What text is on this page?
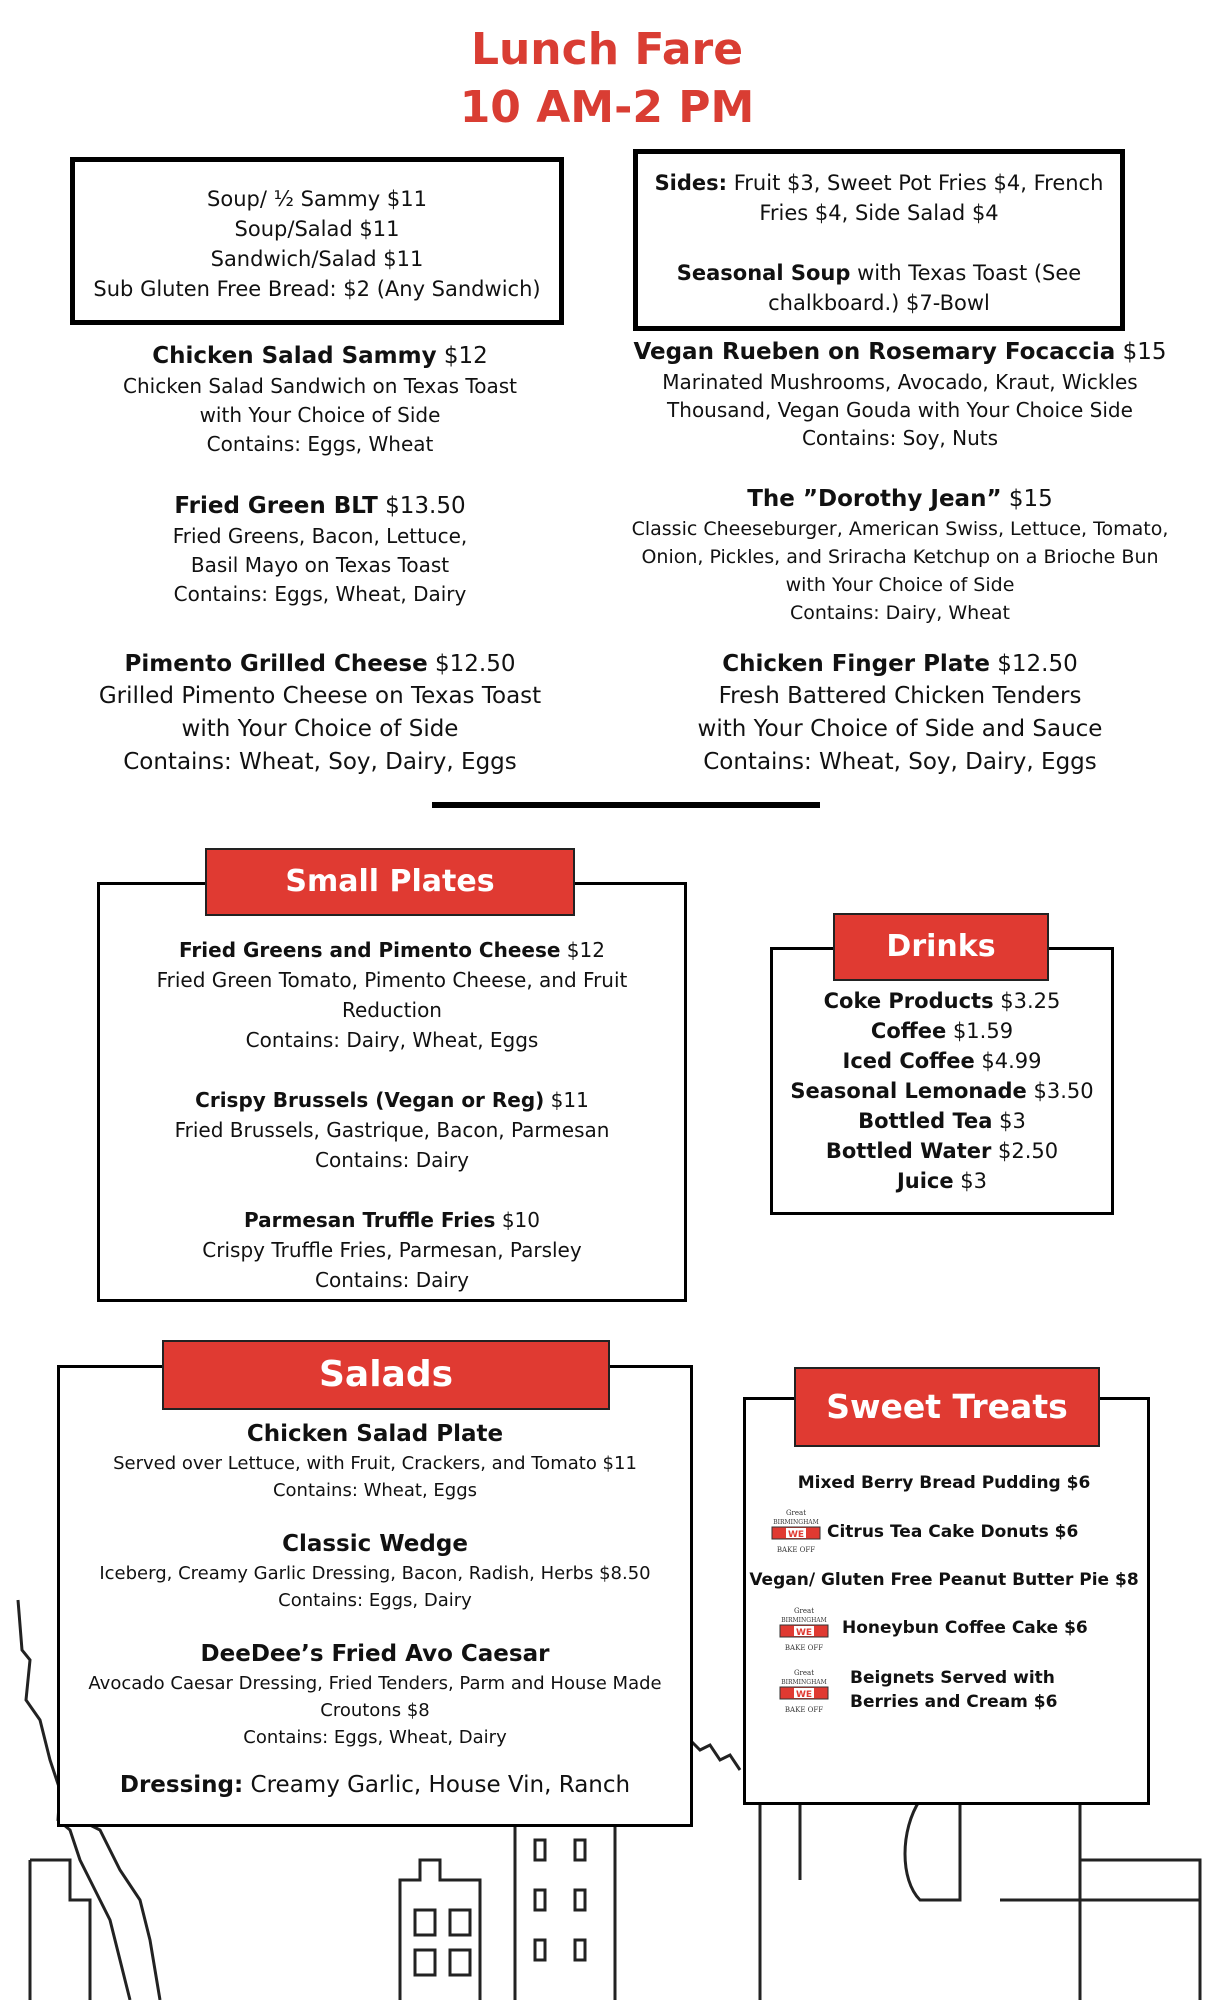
Lunch Fare
10 AM-2 PM
Soup/ ½ Sammy $11
Soup/Salad $11
Sandwich/Salad $11
Sub Gluten Free Bread: $2 (Any Sandwich)
Sides: Fruit $3, Sweet Pot Fries $4, French Fries $4, Side Salad $4
Seasonal Soup with Texas Toast (See chalkboard.) $7-Bowl
Chicken Salad Sammy $12
Chicken Salad Sandwich on Texas Toast
with Your Choice of Side
Contains: Eggs, Wheat
Vegan Rueben on Rosemary Focaccia $15
Marinated Mushrooms, Avocado, Kraut, Wickles
Thousand, Vegan Gouda with Your Choice Side
Contains: Soy, Nuts
Fried Green BLT $13.50
Fried Greens, Bacon, Lettuce,
Basil Mayo on Texas Toast
Contains: Eggs, Wheat, Dairy
The ”Dorothy Jean” $15
Classic Cheeseburger, American Swiss, Lettuce, Tomato,
Onion, Pickles, and Sriracha Ketchup on a Brioche Bun
with Your Choice of Side
Contains: Dairy, Wheat
Pimento Grilled Cheese $12.50
Grilled Pimento Cheese on Texas Toast
with Your Choice of Side
Contains: Wheat, Soy, Dairy, Eggs
Chicken Finger Plate $12.50
Fresh Battered Chicken Tenders
with Your Choice of Side and Sauce
Contains: Wheat, Soy, Dairy, Eggs
Fried Greens and Pimento Cheese $12
Fried Green Tomato, Pimento Cheese, and Fruit
Reduction
Contains: Dairy, Wheat, Eggs
Crispy Brussels (Vegan or Reg) $11
Fried Brussels, Gastrique, Bacon, Parmesan
Contains: Dairy
Parmesan Truffle Fries $10
Crispy Truffle Fries, Parmesan, Parsley
Contains: Dairy
Small Plates
Coke Products $3.25
Coffee $1.59
Iced Coffee $4.99
Seasonal Lemonade $3.50
Bottled Tea $3
Bottled Water $2.50
Juice $3
Drinks
Chicken Salad Plate
Served over Lettuce, with Fruit, Crackers, and Tomato $11
Contains: Wheat, Eggs
Classic Wedge
Iceberg, Creamy Garlic Dressing, Bacon, Radish, Herbs $8.50
Contains: Eggs, Dairy
DeeDee’s Fried Avo Caesar
Avocado Caesar Dressing, Fried Tenders, Parm and House Made
Croutons $8
Contains: Eggs, Wheat, Dairy
Dressing: Creamy Garlic, House Vin, Ranch
Salads
Sweet Treats
Mixed Berry Bread Pudding $6
Great
BIRMINGHAM
WE
BAKE OFF
Citrus Tea Cake Donuts $6
Vegan/ Gluten Free Peanut Butter Pie $8
Great
BIRMINGHAM
WE
BAKE OFF
Honeybun Coffee Cake $6
Great
BIRMINGHAM
WE
BAKE OFF
Beignets Served with
Berries and Cream $6
